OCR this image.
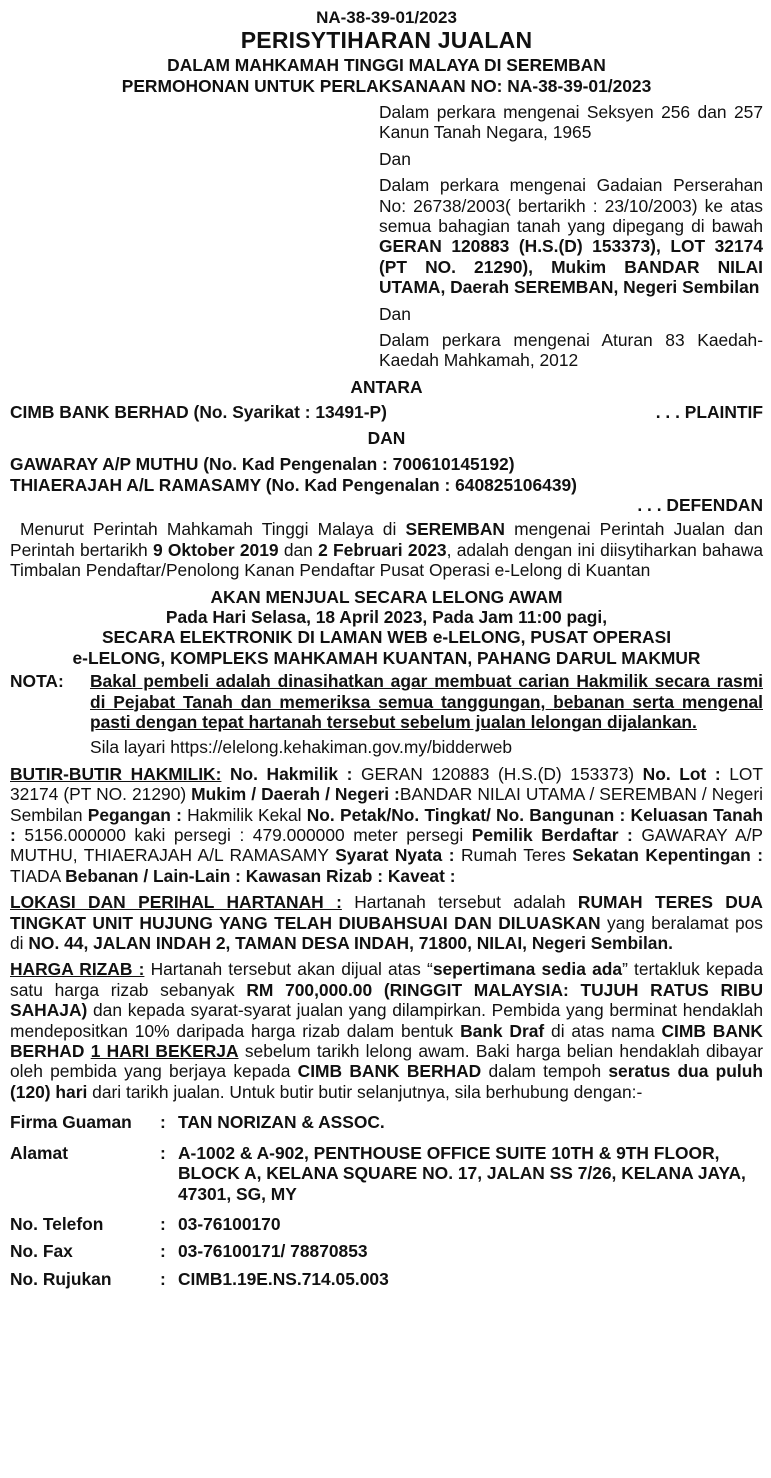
NA-38-39-01/2023
PERISYTIHARAN JUALAN
DALAM MAHKAMAH TINGGI MALAYA DI SEREMBAN
PERMOHONAN UNTUK PERLAKSANAAN NO: NA-38-39-01/2023

Dalam perkara mengenai Seksyen 256 dan 257 Kanun Tanah Negara, 1965

Dan

Dalam perkara mengenai Gadaian Perserahan No: 26738/2003( bertarikh : 23/10/2003) ke atas semua bahagian tanah yang dipegang di bawah GERAN 120883 (H.S.(D) 153373), LOT 32174 (PT NO. 21290), Mukim BANDAR NILAI UTAMA, Daerah SEREMBAN, Negeri Sembilan

Dan

Dalam perkara mengenai Aturan 83 Kaedah-Kaedah Mahkamah, 2012

ANTARA
CIMB BANK BERHAD (No. Syarikat : 13491-P)	. . . PLAINTIF
DAN
GAWARAY A/P MUTHU (No. Kad Pengenalan : 700610145192)
THIAERAJAH A/L RAMASAMY (No. Kad Pengenalan : 640825106439)
. . . DEFENDAN
Menurut Perintah Mahkamah Tinggi Malaya di SEREMBAN mengenai Perintah Jualan dan Perintah bertarikh 9 Oktober 2019 dan 2 Februari 2023, adalah dengan ini diisytiharkan bahawa Timbalan Pendaftar/Penolong Kanan Pendaftar Pusat Operasi e-Lelong di Kuantan
AKAN MENJUAL SECARA LELONG AWAM
Pada Hari Selasa, 18 April 2023, Pada Jam 11:00 pagi,
SECARA ELEKTRONIK DI LAMAN WEB e-LELONG, PUSAT OPERASI
e-LELONG, KOMPLEKS MAHKAMAH KUANTAN, PAHANG DARUL MAKMUR
NOTA:	Bakal pembeli adalah dinasihatkan agar membuat carian Hakmilik secara rasmi di Pejabat Tanah dan memeriksa semua tanggungan, bebanan serta mengenal pasti dengan tepat hartanah tersebut sebelum jualan lelongan dijalankan.
Sila layari https://elelong.kehakiman.gov.my/bidderweb
BUTIR-BUTIR HAKMILIK: No. Hakmilik : GERAN 120883 (H.S.(D) 153373) No. Lot : LOT 32174 (PT NO. 21290) Mukim / Daerah / Negeri :BANDAR NILAI UTAMA / SEREMBAN / Negeri Sembilan Pegangan : Hakmilik Kekal No. Petak/No. Tingkat/ No. Bangunan : Keluasan Tanah : 5156.000000 kaki persegi : 479.000000 meter persegi Pemilik Berdaftar : GAWARAY A/P MUTHU, THIAERAJAH A/L RAMASAMY Syarat Nyata : Rumah Teres Sekatan Kepentingan : TIADA Bebanan / Lain-Lain : Kawasan Rizab : Kaveat :
LOKASI DAN PERIHAL HARTANAH : Hartanah tersebut adalah RUMAH TERES DUA TINGKAT UNIT HUJUNG YANG TELAH DIUBAHSUAI DAN DILUASKAN yang beralamat pos di NO. 44, JALAN INDAH 2, TAMAN DESA INDAH, 71800, NILAI, Negeri Sembilan.
HARGA RIZAB : Hartanah tersebut akan dijual atas “sepertimana sedia ada” tertakluk kepada satu harga rizab sebanyak RM 700,000.00 (RINGGIT MALAYSIA: TUJUH RATUS RIBU SAHAJA) dan kepada syarat-syarat jualan yang dilampirkan. Pembida yang berminat hendaklah mendepositkan 10% daripada harga rizab dalam bentuk Bank Draf di atas nama CIMB BANK BERHAD 1 HARI BEKERJA sebelum tarikh lelong awam. Baki harga belian hendaklah dibayar oleh pembida yang berjaya kepada CIMB BANK BERHAD dalam tempoh seratus dua puluh (120) hari dari tarikh jualan. Untuk butir butir selanjutnya, sila berhubung dengan:-
Firma Guaman	: TAN NORIZAN & ASSOC.
Alamat	: A-1002 & A-902, PENTHOUSE OFFICE SUITE 10TH & 9TH FLOOR, BLOCK A, KELANA SQUARE NO. 17, JALAN SS 7/26, KELANA JAYA, 47301, SG, MY
No. Telefon	: 03-76100170
No. Fax	: 03-76100171/ 78870853
No. Rujukan	: CIMB1.19E.NS.714.05.003
